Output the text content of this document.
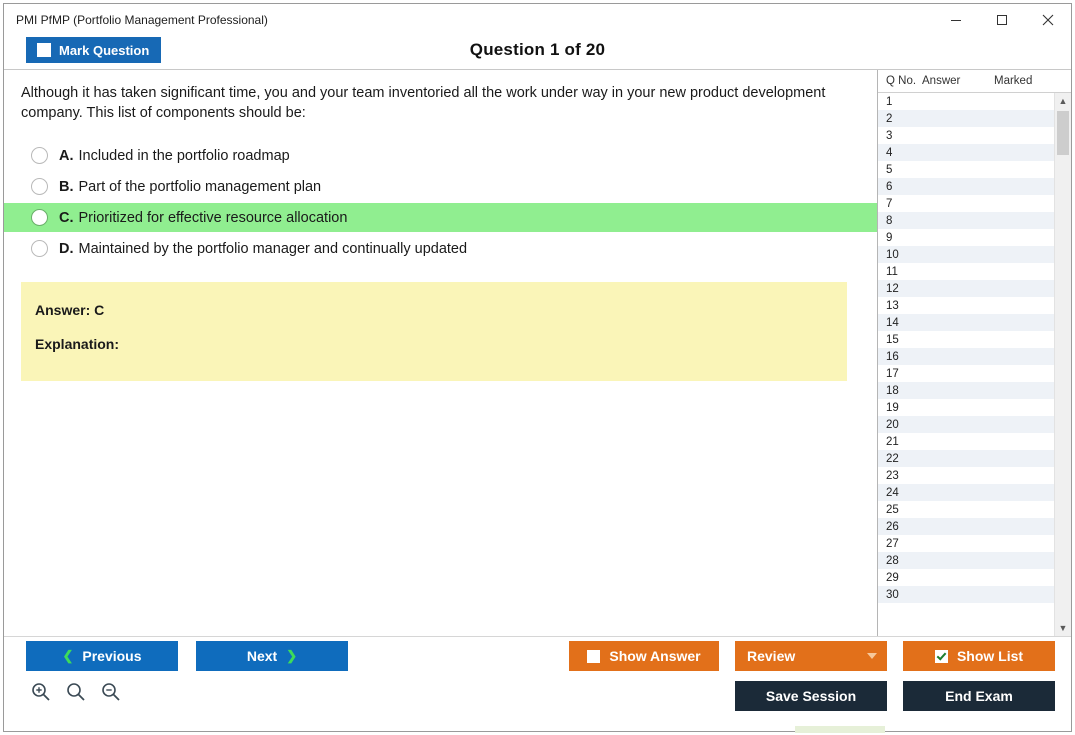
PMI PfMP (Portfolio Management Professional)
Mark Question	Question 1 of 20
Although it has taken significant time, you and your team inventoried all the work under way in your new product development company. This list of components should be:
A. Included in the portfolio roadmap
B. Part of the portfolio management plan
C. Prioritized for effective resource allocation
D. Maintained by the portfolio manager and continually updated
Answer: C
Explanation:
Q No. Answer	Marked
1
2
3
4
5
6
7
8
9
10
11
12
13
14
15
16
17
18
19
20
21
22
23
24
25
26
27
28
29
30
▲
▼
❮ Previous	Next ❯	Show Answer	Review	Show List
Save Session	End Exam
